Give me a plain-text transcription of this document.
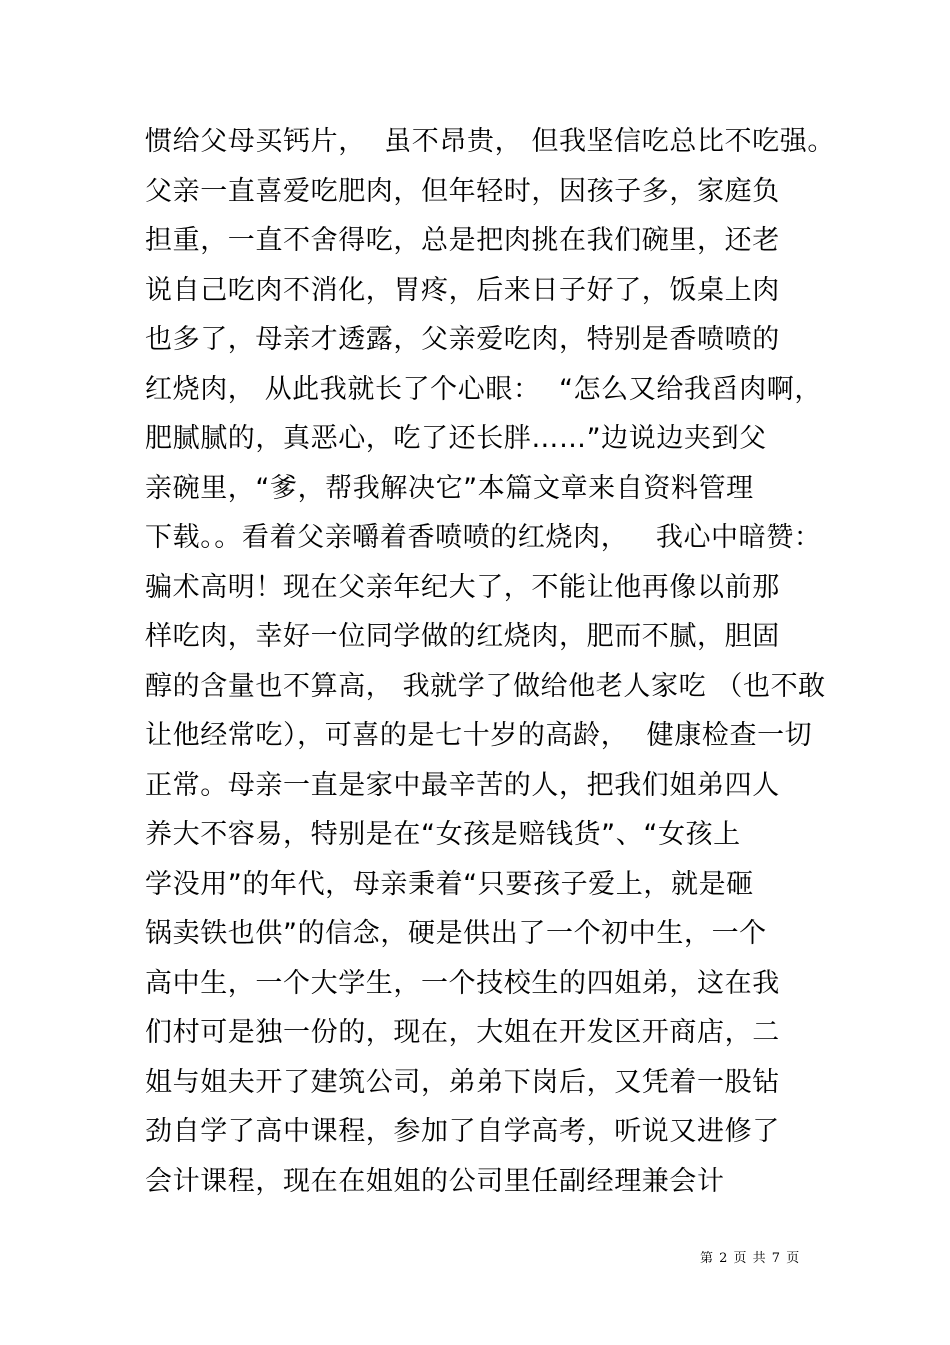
惯给父母买钙片，  虽不昂贵， 但我坚信吃总比不吃强。
父亲一直喜爱吃肥肉，但年轻时，因孩子多，家庭负
担重，一直不舍得吃，总是把肉挑在我们碗里，还老
说自己吃肉不消化，胃疼，后来日子好了，饭桌上肉
也多了，母亲才透露，父亲爱吃肉，特别是香喷喷的
红烧肉， 从此我就长了个心眼：  “怎么又给我舀肉啊，
肥腻腻的，真恶心，吃了还长胖……”边说边夹到父
亲碗里，“爹，帮我解决它”本篇文章来自资料管理
下载。。看着父亲嚼着香喷喷的红烧肉，   我心中暗赞：
骗术高明！现在父亲年纪大了，不能让他再像以前那
样吃肉，幸好一位同学做的红烧肉，肥而不腻，胆固
醇的含量也不算高， 我就学了做给他老人家吃 （也不敢
让他经常吃），可喜的是七十岁的高龄，  健康检查一切
正常。母亲一直是家中最辛苦的人，把我们姐弟四人
养大不容易，特别是在“女孩是赔钱货”、“女孩上
学没用”的年代，母亲秉着“只要孩子爱上，就是砸
锅卖铁也供”的信念，硬是供出了一个初中生，一个
高中生，一个大学生，一个技校生的四姐弟，这在我
们村可是独一份的，现在，大姐在开发区开商店，二
姐与姐夫开了建筑公司，弟弟下岗后，又凭着一股钻
劲自学了高中课程，参加了自学高考，听说又进修了
会计课程，现在在姐姐的公司里任副经理兼会计
第 2 页 共 7 页
